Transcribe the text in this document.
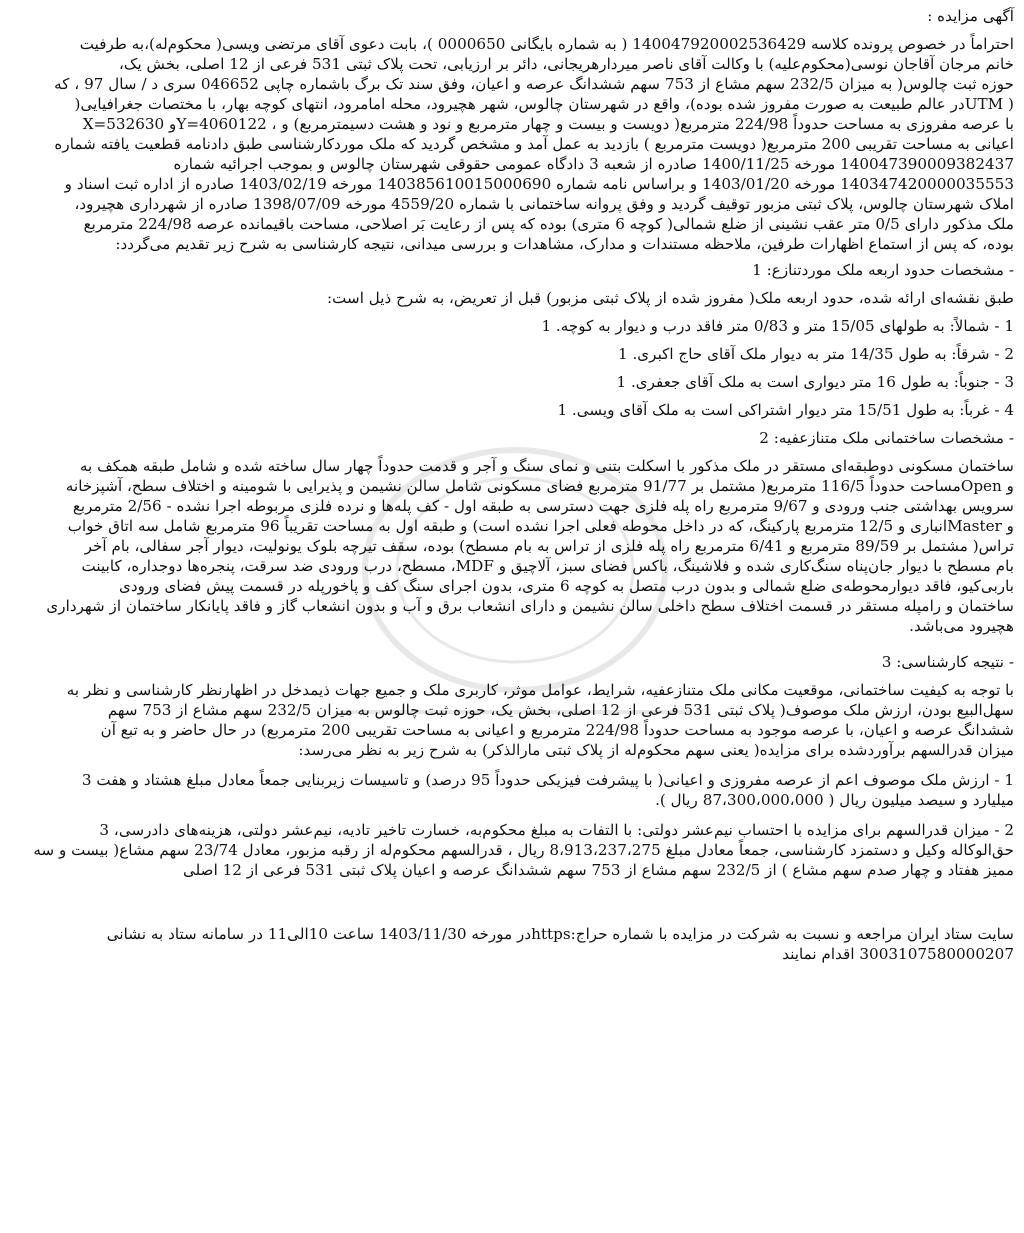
آگهی مزایده :
احتراماً در خصوص پرونده کلاسه 140047920002536429 ( به شماره بایگانی 0000650 )، بابت دعوی آقای مرتضی ویسی( محکوم‌له)،به طرفیت
خانم مرجان آقاجان نوسی(محکوم‌علیه) با وکالت آقای ناصر میردارهریجانی، دائر بر ارزیابی، تحت پلاک ثبتی 531 فرعی از 12 اصلی، بخش یک،
حوزه ثبت چالوس( به میزان 232/5 سهم مشاع از 753 سهم ششدانگ عرصه و اعیان، وفق سند تک برگ باشماره چاپی 046652 سری د / سال 97 ، که
( UTMدر عالم طبیعت به صورت مفروز شده بوده)، واقع در شهرستان چالوس، شهر هچیرود، محله امامرود، انتهای کوچه بهار، با مختصات جغرافیایی(
با عرصه مفروزی به مساحت حدوداً 224/98 مترمربع( دویست و بیست و چهار مترمربع و نود و هشت دسیمترمربع) و ، Y=4060122و X=532630
اعیانی به مساحت تقریبی 200 مترمربع( دویست مترمربع ) بازدید به عمل آمد و مشخص گردید که ملک موردکارشناسی طبق دادنامه قطعیت یافته شماره
140047390009382437 مورخه 1400/11/25 صادره از شعبه 3 دادگاه عمومی حقوقی شهرستان چالوس و بموجب اجرائیه شماره
140347420000035553 مورخه 1403/01/20 و براساس نامه شماره 140385610015000690 مورخه 1403/02/19 صادره از اداره ثبت اسناد و
املاک شهرستان چالوس، پلاک ثبتی مزبور توقیف گردید و وفق پروانه ساختمانی با شماره 4559/20 مورخه 1398/07/09 صادره از شهرداری هچیرود،
ملک مذکور دارای 0/5 متر عقب نشینی از ضلع شمالی( کوچه 6 متری) بوده که پس از رعایت بَر اصلاحی، مساحت باقیمانده عرصه 224/98 مترمربع
بوده، که پس از استماع اظهارات طرفین، ملاحظه مستندات و مدارک، مشاهدات و بررسی میدانی، نتیجه کارشناسی به شرح زیر تقدیم می‌گردد:
- مشخصات حدود اربعه ملک موردتنازع: 1
طبق نقشه‌ای ارائه شده، حدود اربعه ملک( مفروز شده از پلاک ثبتی مزبور) قبل از تعریض، به شرح ذیل است:
1 - شمالاً: به طولهای 15/05 متر و 0/83 متر فاقد درب و دیوار به کوچه. 1
2 - شرقاً: به طول 14/35 متر به دیوار ملک آقای حاج اکبری. 1
3 - جنوباً: به طول 16 متر دیواری است به ملک آقای جعفری. 1
4 - غرباً: به طول 15/51 متر دیوار اشتراکی است به ملک آقای ویسی. 1
- مشخصات ساختمانی ملک متنازعفیه: 2
ساختمان مسکونی دوطبقه‌ای مستقر در ملک مذکور با اسکلت بتنی و نمای سنگ و آجر و قدمت حدوداً چهار سال ساخته شده و شامل طبقه همکف به
و Openمساحت حدوداً 116/5 مترمربع( مشتمل بر 91/77 مترمربع فضای مسکونی شامل سالن نشیمن و پذیرایی با شومینه و اختلاف سطح، آشپزخانه
سرویس بهداشتی جنب ورودی و 9/67 مترمربع راه پله فلزی جهت دسترسی به طبقه اول - کف پله‌ها و نرده فلزی مربوطه اجرا نشده - 2/56 مترمربع
و Masterانباری و 12/5 مترمربع پارکینگ، که در داخل محوطه فعلی اجرا نشده است) و طبقه اول به مساحت تقریباً 96 مترمربع شامل سه اتاق خواب
تراس( مشتمل بر 89/59 مترمربع و 6/41 مترمربع راه پله فلزی از تراس به بام مسطح) بوده، سقف تیرچه بلوک یونولیت، دیوار آجر سفالی، بام آخر
بام مسطح با دیوار جان‌پناه سنگ‌کاری شده و فلاشینگ، باکس فضای سبز، آلاچیق و MDF، مسطح، درب ورودی ضد سرقت، پنجره‌ها دوجداره، کابینت
باربی‌کیو، فاقد دیوارمحوطه‌ی ضلع شمالی و بدون درب متصل به کوچه 6 متری، بدون اجرای سنگ کف و پاخورپله در قسمت پیش فضای ورودی
ساختمان و رامپله مستقر در قسمت اختلاف سطح داخلی سالن نشیمن و دارای انشعاب برق و آب و بدون انشعاب گاز و فاقد پایانکار ساختمان از شهرداری
هچیرود می‌باشد.
- نتیجه کارشناسی: 3
با توجه به کیفیت ساختمانی، موقعیت مکانی ملک متنازعفیه، شرایط، عوامل موثر، کاربری ملک و جمیع جهات ذیمدخل در اظهارنظر کارشناسی و نظر به
سهل‌البیع بودن، ارزش ملک موصوف( پلاک ثبتی 531 فرعی از 12 اصلی، بخش یک، حوزه ثبت چالوس به میزان 232/5 سهم مشاع از 753 سهم
ششدانگ عرصه و اعیان، با عرصه موجود به مساحت حدوداً 224/98 مترمربع و اعیانی به مساحت تقریبی 200 مترمربع) در حال حاضر و به تبع آن
میزان قدرالسهم برآوردشده برای مزایده( یعنی سهم محکوم‌له از پلاک ثبتی مارالذکر) به شرح زیر به نظر می‌رسد:
1 - ارزش ملک موصوف اعم از عرصه مفروزی و اعیانی( با پیشرفت فیزیکی حدوداً 95 درصد) و تاسیسات زیربنایی جمعاً معادل مبلغ هشتاد و هفت 3
میلیارد و سیصد میلیون ریال ( 87،300،000،000 ریال ).
2 - میزان قدرالسهم برای مزایده با احتساب نیم‌عشر دولتی: با التفات به مبلغ محکوم‌به، خسارت تاخیر تادیه، نیم‌عشر دولتی، هزینه‌های دادرسی، 3
حق‌الوکاله وکیل و دستمزد کارشناسی، جمعاً معادل مبلغ 8،913،237،275 ریال ، قدرالسهم محکوم‌له از رقبه مزبور، معادل 23/74 سهم مشاع( بیست و سه
ممیز هفتاد و چهار صدم سهم مشاع ) از 232/5 سهم مشاع از 753 سهم ششدانگ عرصه و اعیان پلاک ثبتی 531 فرعی از 12 اصلی
سایت ستاد ایران مراجعه و نسبت به شرکت در مزایده با شماره حراج:httpsدر مورخه 1403/11/30 ساعت 10الی11 در سامانه ستاد به نشانی
3003107580000207 اقدام نمایند
